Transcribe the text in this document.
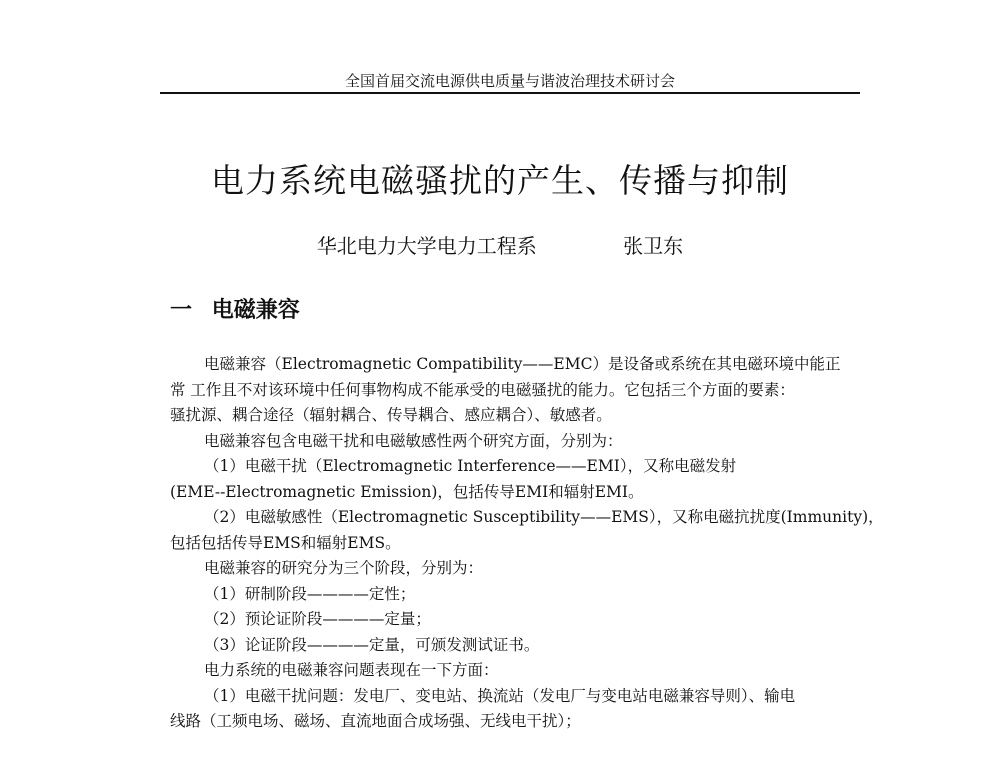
全国首届交流电源供电质量与谐波治理技术研讨会
电力系统电磁骚扰的产生、传播与抑制
华北电力大学电力工程系	张卫东
一 电磁兼容
电磁兼容（Electromagnetic Compatibility——EMC）是设备或系统在其电磁环境中能正
常 工作且不对该环境中任何事物构成不能承受的电磁骚扰的能力。它包括三个方面的要素：
骚扰源、耦合途径（辐射耦合、传导耦合、感应耦合）、敏感者。
电磁兼容包含电磁干扰和电磁敏感性两个研究方面，分别为：
（1）电磁干扰（Electromagnetic Interference——EMI），又称电磁发射
(EME--Electromagnetic Emission)，包括传导EMI和辐射EMI。
（2）电磁敏感性（Electromagnetic Susceptibility——EMS），又称电磁抗扰度(Immunity)，
包括包括传导EMS和辐射EMS。
电磁兼容的研究分为三个阶段，分别为：
（1）研制阶段————定性；
（2）预论证阶段————定量；
（3）论证阶段————定量，可颁发测试证书。
电力系统的电磁兼容问题表现在一下方面：
（1）电磁干扰问题：发电厂、变电站、换流站（发电厂与变电站电磁兼容导则）、输电
线路（工频电场、磁场、直流地面合成场强、无线电干扰）；
